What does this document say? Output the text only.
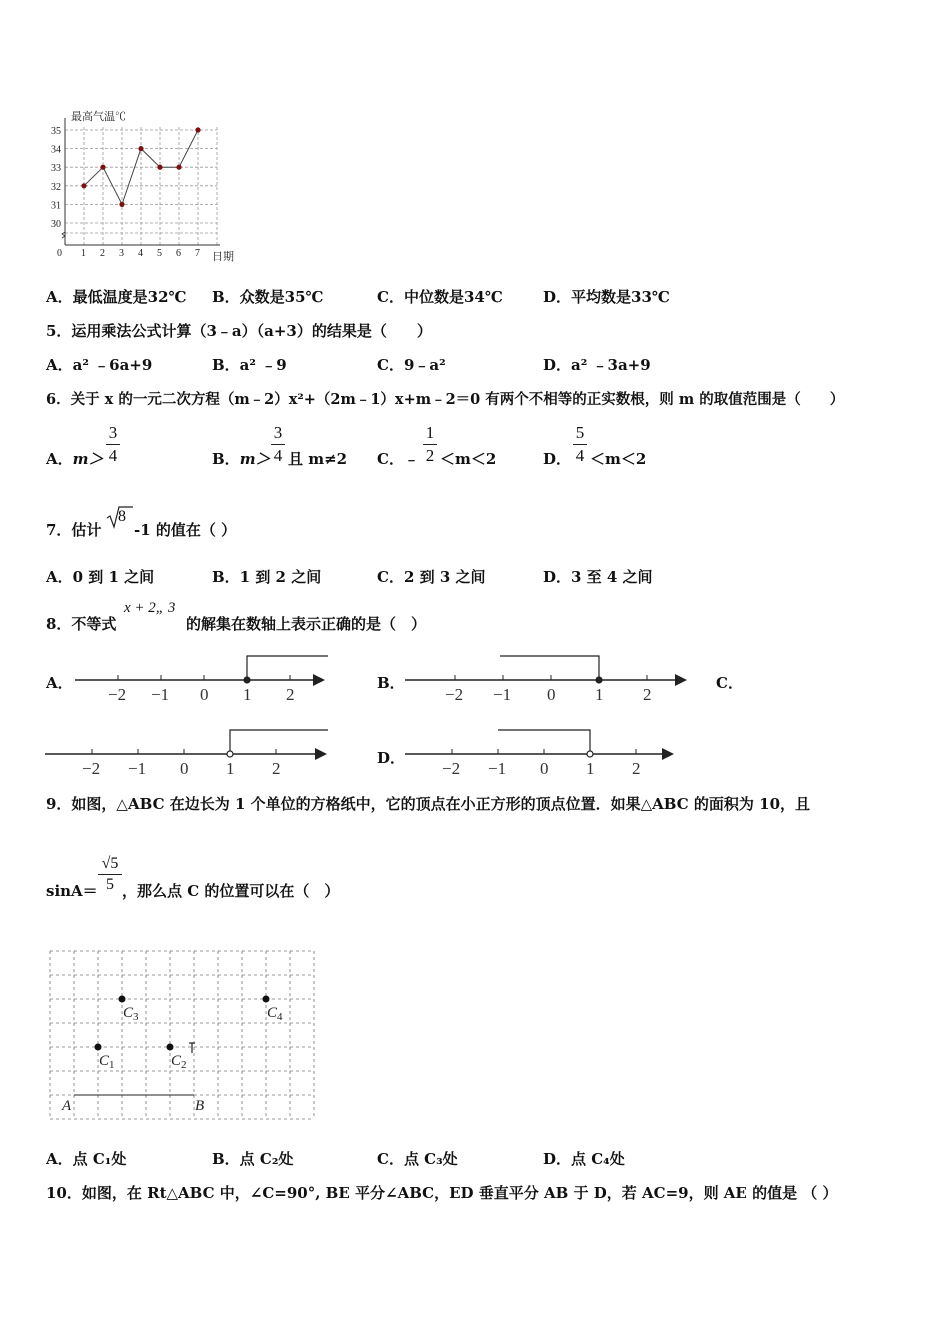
最高气温℃
日期
30
31
32
33
34
35
0 1 2 3 4 5 6 7
A．最低温度是32℃ B．众数是35℃	C．中位数是34℃	D．平均数是33℃
5．运用乘法公式计算（3﹣a）（a+3）的结果是（　　）
A．a² ﹣6a+9	B．a² ﹣9	C．9﹣a²	D．a² ﹣3a+9
6．关于 x 的一元二次方程（m﹣2）x²+（2m﹣1）x+m﹣2＝0 有两个不相等的正实数根，则 m 的取值范围是（　　）
A．m＞
3
4	B．m＞
3
4 且 m≠2 C．﹣
1
2 ＜m＜2	D．
5
4 ＜m＜2
7．估计
8
-1 的值在（ ）
A．0 到 1 之间	B．1 到 2 之间	C．2 到 3 之间	D．3 至 4 之间
8．不等式
x + 2„ 3
的解集在数轴上表示正确的是（　）
A．	B．	C．
D．
−2 −1 0 1 2	−2 −1 0 1 2
−2 −1 0 1 2	−2 −1 0 1 2
9．如图，△ABC 在边长为 1 个单位的方格纸中，它的顶点在小正方形的顶点位置．如果△ABC 的面积为 10，且
sinA＝
√5
5 ，那么点 C 的位置可以在（　）
A	B
$C_1$	$C_2$
$C_3$	$C_4$
A．点 C₁处	B．点 C₂处	C．点 C₃处	D．点 C₄处
10．如图，在 Rt△ABC 中，∠C=90°, BE 平分∠ABC，ED 垂直平分 AB 于 D，若 AC=9，则 AE 的值是 （ ）
